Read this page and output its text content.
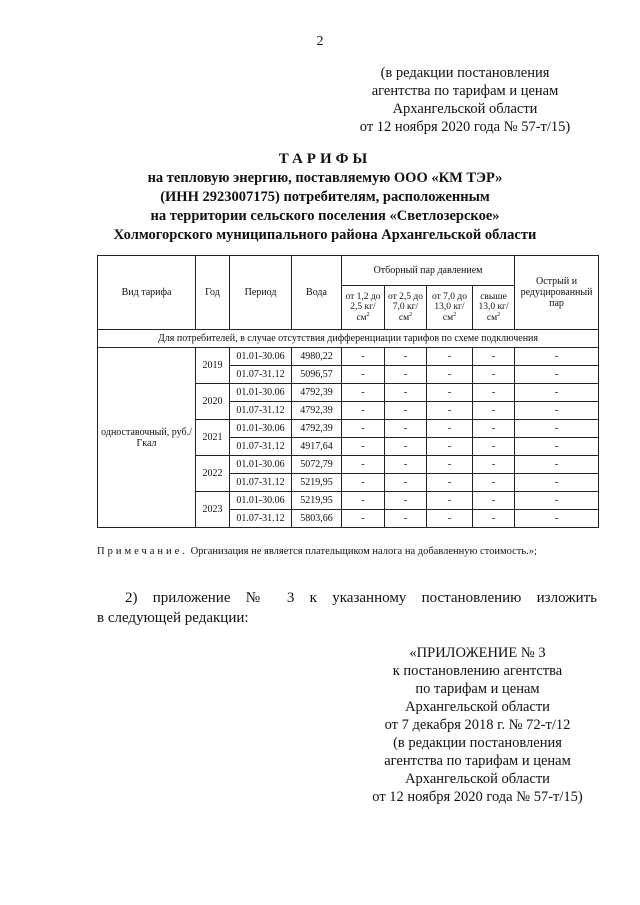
2
(в редакции постановления
агентства по тарифам и ценам
Архангельской области
от 12 ноября 2020 года № 57-т/15)
ТАРИФЫ
на тепловую энергию, поставляемую ООО «КМ ТЭР»
(ИНН 2923007175) потребителям, расположенным
на территории сельского поселения «Светлозерское»
Холмогорского муниципального района Архангельской области
Вид тарифа	Год	Период	Вода	Отборный пар давлением				Острый и редуцированный пар
				от 1,2 до 2,5 $кг/см^2$	от 2,5 до 7,0 $кг/см^2$	от 7,0 до 13,0 $кг/см^2$	свыше 13,0 $кг/см^2$
Для потребителей, в случае отсутствия дифференциации тарифов по схеме подключения								
одноставочный, руб./Гкал	2019	01.01-30.06	4980,22	-	-	-	-	-
		01.07-31.12	5096,57	-	-	-	-	-
	2020	01.01-30.06	4792,39	-	-	-	-	-
		01.07-31.12	4792,39	-	-	-	-	-
	2021	01.01-30.06	4792,39	-	-	-	-	-
		01.07-31.12	4917,64	-	-	-	-	-
	2022	01.01-30.06	5072,79	-	-	-	-	-
		01.07-31.12	5219,95	-	-	-	-	-
	2023	01.01-30.06	5219,95	-	-	-	-	-
		01.07-31.12	5803,66	-	-	-	-	-
Примечание. Организация не является плательщиком налога на добавленную стоимость.»;
2) приложение № 3 к указанному постановлению изложить
в следующей редакции:
«ПРИЛОЖЕНИЕ № 3
к постановлению агентства
по тарифам и ценам
Архангельской области
от 7 декабря 2018 г. № 72-т/12
(в редакции постановления
агентства по тарифам и ценам
Архангельской области
от 12 ноября 2020 года № 57-т/15)
